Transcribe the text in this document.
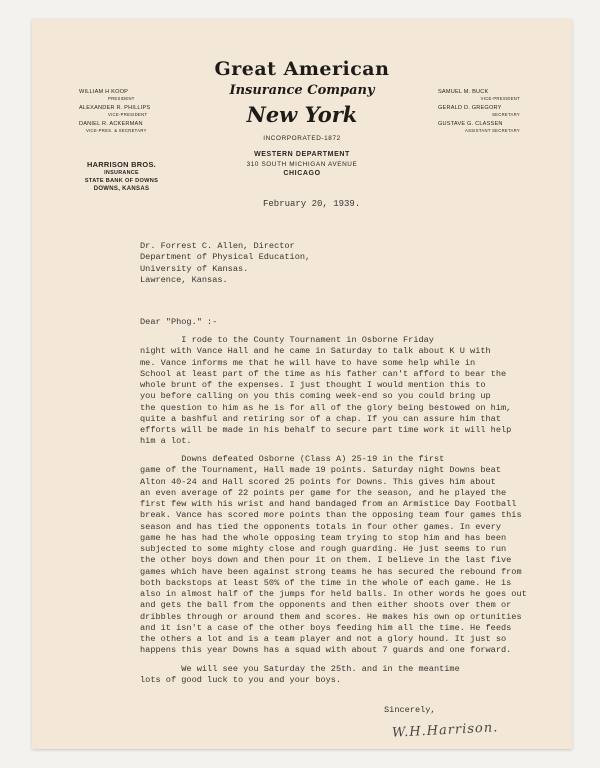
WILLIAM H KOOP
PRESIDENT
ALEXANDER R. PHILLIPS
VICE-PRESIDENT
DANIEL R. ACKERMAN
VICE-PRES. & SECRETARY
SAMUEL M. BUCK
VICE-PRESIDENT
GERALD D. GREGORY
SECRETARY
GUSTAVE G. CLASSEN
ASSISTANT SECRETARY
Great American
Insurance Company
New York
INCORPORATED-1872
WESTERN DEPARTMENT
310 SOUTH MICHIGAN AVENUE
CHICAGO
HARRISON BROS.
INSURANCE
STATE BANK OF DOWNS
DOWNS, KANSAS
February 20, 1939.
Dr. Forrest C. Allen, Director
Department of Physical Education,
University of Kansas.
Lawrence, Kansas.
Dear "Phog." :-
I rode to the County Tournament in Osborne Friday
night with Vance Hall and he came in Saturday to talk about K U with
me. Vance informs me that he will have to have some help while in
School at least part of the time as his father can't afford to bear the
whole brunt of the expenses. I just thought I would mention this to
you before calling on you this coming week-end so you could bring up
the question to him as he is for all of the glory being bestowed on him,
quite a bashful and retiring sor of a chap. If you can assure him that
efforts will be made in his behalf to secure part time work it will help
him a lot.
Downs defeated Osborne (Class A) 25-19 in the first
game of the Tournament, Hall made 19 points. Saturday night Downs beat
Alton 40-24 and Hall scored 25 points for Downs. This gives him about
an even average of 22 points per game for the season, and he played the
first few with his wrist and hand bandaged from an Armistice Day Football
break. Vance has scored more points than the opposing team four games this
season and has tied the opponents totals in four other games. In every
game he has had the whole opposing team trying to stop him and has been
subjected to some mighty close and rough guarding. He just seems to run
the other boys down and then pour it on them. I believe in the last five
games which have been against strong teams he has secured the rebound from
both backstops at least 50% of the time in the whole of each game. He is
also in almost half of the jumps for held balls. In other words he goes out
and gets the ball from the opponents and then either shoots over them or
dribbles through or around them and scores. He makes his own op ortunities
and it isn't a case of the other boys feeding him all the time. He feeds
the others a lot and is a team player and not a glory hound. It just so
happens this year Downs has a squad with about 7 guards and one forward.
We will see you Saturday the 25th. and in the meantime
lots of good luck to you and your boys.
Sincerely,
W.H.Harrison.
